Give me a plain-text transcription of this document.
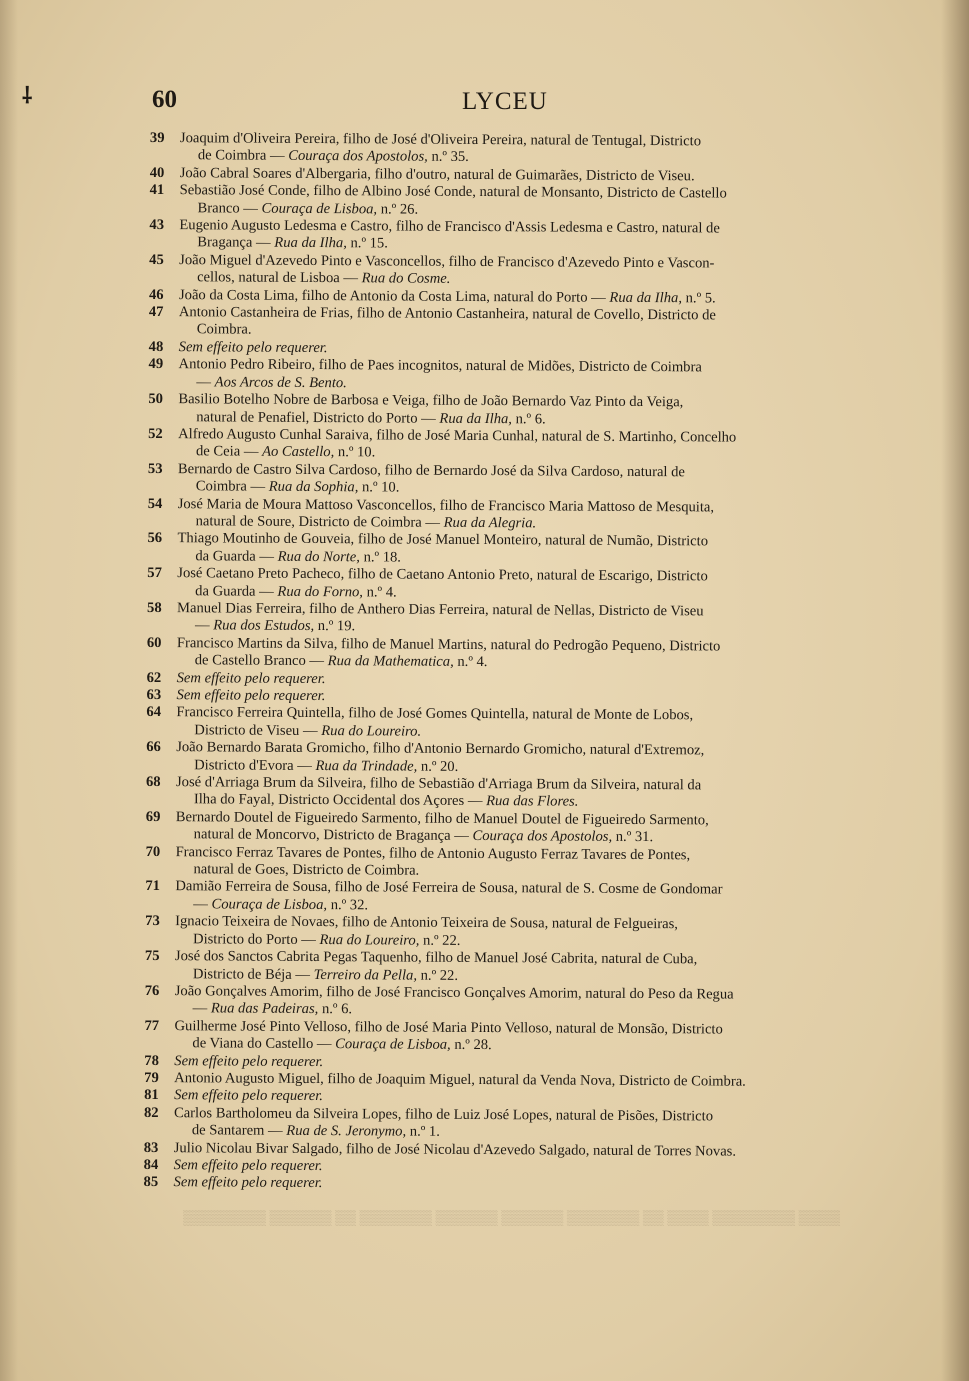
⸸	60	LYCEU
39	Joaquim d'Oliveira Pereira, filho de José d'Oliveira Pereira, natural de Tentugal, Districto
de Coimbra — Couraça dos Apostolos, n.º 35.
40	João Cabral Soares d'Albergaria, filho d'outro, natural de Guimarães, Districto de Viseu.
41	Sebastião José Conde, filho de Albino José Conde, natural de Monsanto, Districto de Castello
Branco — Couraça de Lisboa, n.º 26.
43	Eugenio Augusto Ledesma e Castro, filho de Francisco d'Assis Ledesma e Castro, natural de
Bragança — Rua da Ilha, n.º 15.
45	João Miguel d'Azevedo Pinto e Vasconcellos, filho de Francisco d'Azevedo Pinto e Vascon-
cellos, natural de Lisboa — Rua do Cosme.
46	João da Costa Lima, filho de Antonio da Costa Lima, natural do Porto — Rua da Ilha, n.º 5.
47	Antonio Castanheira de Frias, filho de Antonio Castanheira, natural de Covello, Districto de
Coimbra.
48	Sem effeito pelo requerer.
49	Antonio Pedro Ribeiro, filho de Paes incognitos, natural de Midões, Districto de Coimbra
— Aos Arcos de S. Bento.
50	Basilio Botelho Nobre de Barbosa e Veiga, filho de João Bernardo Vaz Pinto da Veiga,
natural de Penafiel, Districto do Porto — Rua da Ilha, n.º 6.
52	Alfredo Augusto Cunhal Saraiva, filho de José Maria Cunhal, natural de S. Martinho, Concelho
de Ceia — Ao Castello, n.º 10.
53	Bernardo de Castro Silva Cardoso, filho de Bernardo José da Silva Cardoso, natural de
Coimbra — Rua da Sophia, n.º 10.
54	José Maria de Moura Mattoso Vasconcellos, filho de Francisco Maria Mattoso de Mesquita,
natural de Soure, Districto de Coimbra — Rua da Alegria.
56	Thiago Moutinho de Gouveia, filho de José Manuel Monteiro, natural de Numão, Districto
da Guarda — Rua do Norte, n.º 18.
57	José Caetano Preto Pacheco, filho de Caetano Antonio Preto, natural de Escarigo, Districto
da Guarda — Rua do Forno, n.º 4.
58	Manuel Dias Ferreira, filho de Anthero Dias Ferreira, natural de Nellas, Districto de Viseu
— Rua dos Estudos, n.º 19.
60	Francisco Martins da Silva, filho de Manuel Martins, natural do Pedrogão Pequeno, Districto
de Castello Branco — Rua da Mathematica, n.º 4.
62	Sem effeito pelo requerer.
63	Sem effeito pelo requerer.
64	Francisco Ferreira Quintella, filho de José Gomes Quintella, natural de Monte de Lobos,
Districto de Viseu — Rua do Loureiro.
66	João Bernardo Barata Gromicho, filho d'Antonio Bernardo Gromicho, natural d'Extremoz,
Districto d'Evora — Rua da Trindade, n.º 20.
68	José d'Arriaga Brum da Silveira, filho de Sebastião d'Arriaga Brum da Silveira, natural da
Ilha do Fayal, Districto Occidental dos Açores — Rua das Flores.
69	Bernardo Doutel de Figueiredo Sarmento, filho de Manuel Doutel de Figueiredo Sarmento,
natural de Moncorvo, Districto de Bragança — Couraça dos Apostolos, n.º 31.
70	Francisco Ferraz Tavares de Pontes, filho de Antonio Augusto Ferraz Tavares de Pontes,
natural de Goes, Districto de Coimbra.
71	Damião Ferreira de Sousa, filho de José Ferreira de Sousa, natural de S. Cosme de Gondomar
— Couraça de Lisboa, n.º 32.
73	Ignacio Teixeira de Novaes, filho de Antonio Teixeira de Sousa, natural de Felgueiras,
Districto do Porto — Rua do Loureiro, n.º 22.
75	José dos Sanctos Cabrita Pegas Taquenho, filho de Manuel José Cabrita, natural de Cuba,
Districto de Béja — Terreiro da Pella, n.º 22.
76	João Gonçalves Amorim, filho de José Francisco Gonçalves Amorim, natural do Peso da Regua
— Rua das Padeiras, n.º 6.
77	Guilherme José Pinto Velloso, filho de José Maria Pinto Velloso, natural de Monsão, Districto
de Viana do Castello — Couraça de Lisboa, n.º 28.
78	Sem effeito pelo requerer.
79	Antonio Augusto Miguel, filho de Joaquim Miguel, natural da Venda Nova, Districto de Coimbra.
81	Sem effeito pelo requerer.
82	Carlos Bartholomeu da Silveira Lopes, filho de Luiz José Lopes, natural de Pisões, Districto
de Santarem — Rua de S. Jeronymo, n.º 1.
83	Julio Nicolau Bivar Salgado, filho de José Nicolau d'Azevedo Salgado, natural de Torres Novas.
84	Sem effeito pelo requerer.
85	Sem effeito pelo requerer.
▒▒▒▒ ▒▒▒▒▒▒▒▒ ▒▒▒▒ ▒▒ ▒▒▒▒▒▒▒ ▒▒▒▒▒▒ ▒▒▒▒▒▒ ▒▒▒▒▒▒▒ ▒▒ ▒▒▒▒▒▒ ▒▒▒▒▒▒▒▒
